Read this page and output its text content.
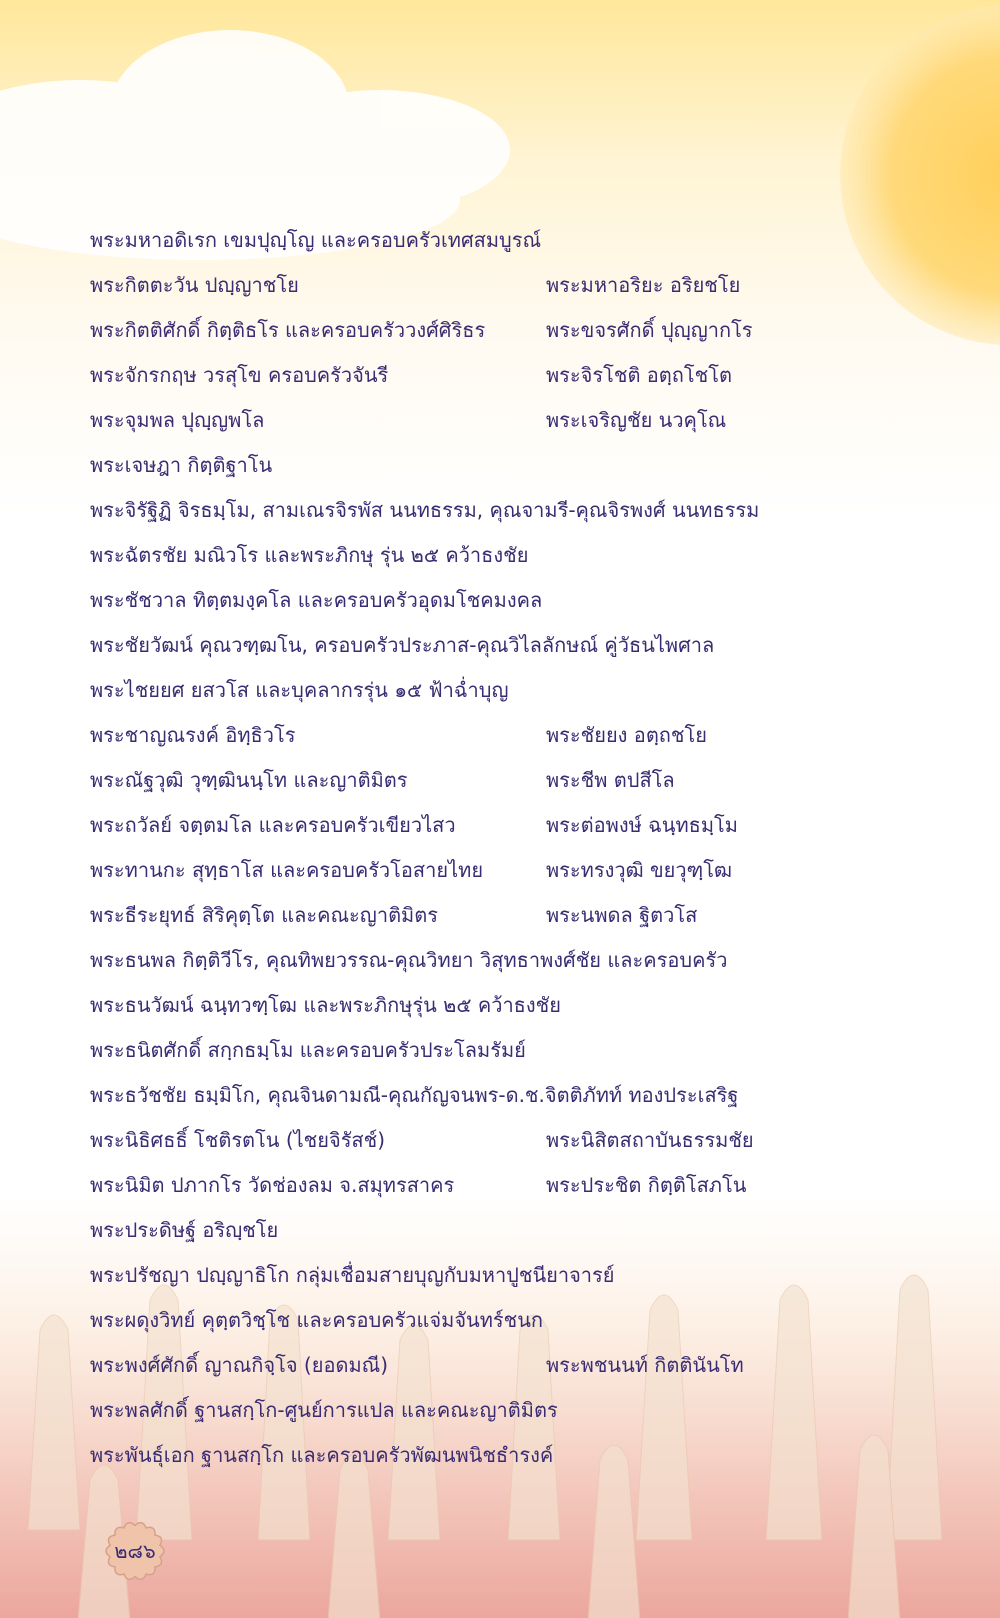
พระมหาอดิเรก เขมปุญฺโญ และครอบครัวเทศสมบูรณ์
พระกิตตะวัน ปญฺญาชโย	พระมหาอริยะ อริยชโย
พระกิตติศักดิ์ กิตฺติธโร และครอบครัววงศ์ศิริธร	พระขจรศักดิ์ ปุญฺญากโร
พระจักรกฤษ วรสุโข ครอบครัวจันรี	พระจิรโชติ อตฺถโชโต
พระจุมพล ปุญฺญพโล	พระเจริญชัย นวคุโณ
พระเจษฎา กิตฺติฐาโน
พระจิรัฐิฏิ จิรธมฺโม, สามเณรจิรพัส นนทธรรม, คุณจามรี-คุณจิรพงศ์ นนทธรรม
พระฉัตรชัย มณิวโร และพระภิกษุ รุ่น ๒๕ คว้าธงชัย
พระชัชวาล ทิตฺตมงฺคโล และครอบครัวอุดมโชคมงคล
พระชัยวัฒน์ คุณวฑฺฒโน, ครอบครัวประภาส-คุณวิไลลักษณ์ คู่วัธนไพศาล
พระไชยยศ ยสวโส และบุคลากรรุ่น ๑๕ ฟ้าฉ่ำบุญ
พระชาญณรงค์ อิทฺธิวโร	พระชัยยง อตฺถชโย
พระณัฐวุฒิ วุฑฺฒินนฺโท และญาติมิตร	พระชีพ ตปสีโล
พระถวัลย์ จตฺตมโล และครอบครัวเขียวไสว	พระต่อพงษ์ ฉนฺทธมฺโม
พระทานกะ สุทฺธาโส และครอบครัวโอสายไทย	พระทรงวุฒิ ขยวุฑฺโฒ
พระธีระยุทธ์ สิริคุตฺโต และคณะญาติมิตร	พระนพดล ฐิตวโส
พระธนพล กิตฺติวีโร, คุณทิพยวรรณ-คุณวิทยา วิสุทธาพงศ์ชัย และครอบครัว
พระธนวัฒน์ ฉนฺทวฑฺโฒ และพระภิกษุรุ่น ๒๕ คว้าธงชัย
พระธนิตศักดิ์ สกฺกธมฺโม และครอบครัวประโลมรัมย์
พระธวัชชัย ธมฺมิโก, คุณจินดามณี-คุณกัญจนพร-ด.ช.จิตติภัทท์ ทองประเสริฐ
พระนิธิศธธิ์ โชติรตโน (ไชยจิรัสช์)	พระนิสิตสถาบันธรรมชัย
พระนิมิต ปภากโร วัดช่องลม จ.สมุทรสาคร	พระประชิต กิตฺติโสภโน
พระประดิษฐ์ อริญฺชโย
พระปรัชญา ปญฺญาธิโก กลุ่มเชื่อมสายบุญกับมหาปูชนียาจารย์
พระผดุงวิทย์ คุตฺตวิชฺโช และครอบครัวแจ่มจันทร์ชนก
พระพงศ์ศักดิ์ ญาณกิจฺโจ (ยอดมณี)	พระพชนนท์ กิตตินันโท
พระพลศักดิ์ ฐานสกฺโก-ศูนย์การแปล และคณะญาติมิตร
พระพันธุ์เอก ฐานสกฺโก และครอบครัวพัฒนพนิชธำรงค์
๒๘๖
